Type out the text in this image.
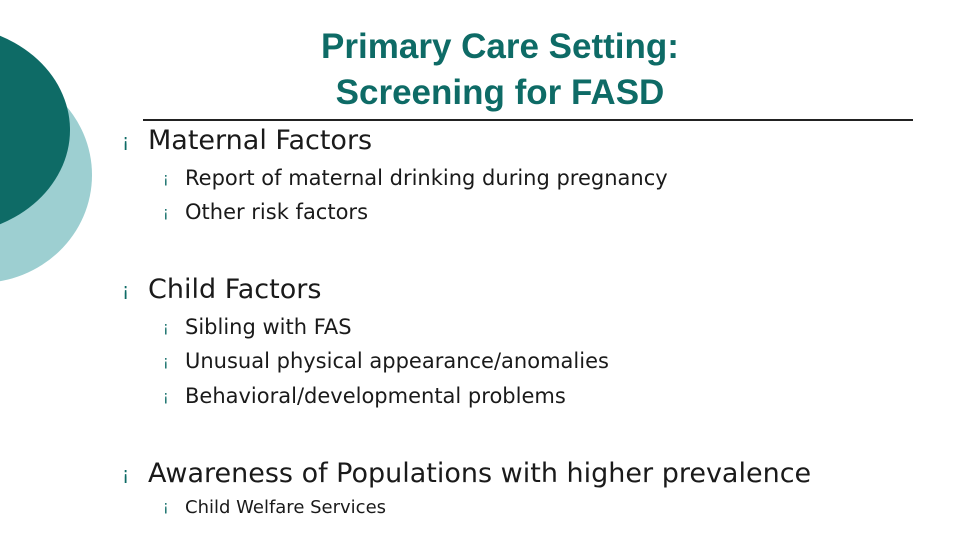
Primary Care Setting:
Screening for FASD
¡ Maternal Factors
¡ Report of maternal drinking during pregnancy
¡ Other risk factors
¡ Child Factors
¡ Sibling with FAS
¡ Unusual physical appearance/anomalies
¡ Behavioral/developmental problems
¡ Awareness of Populations with higher prevalence
¡ Child Welfare Services
